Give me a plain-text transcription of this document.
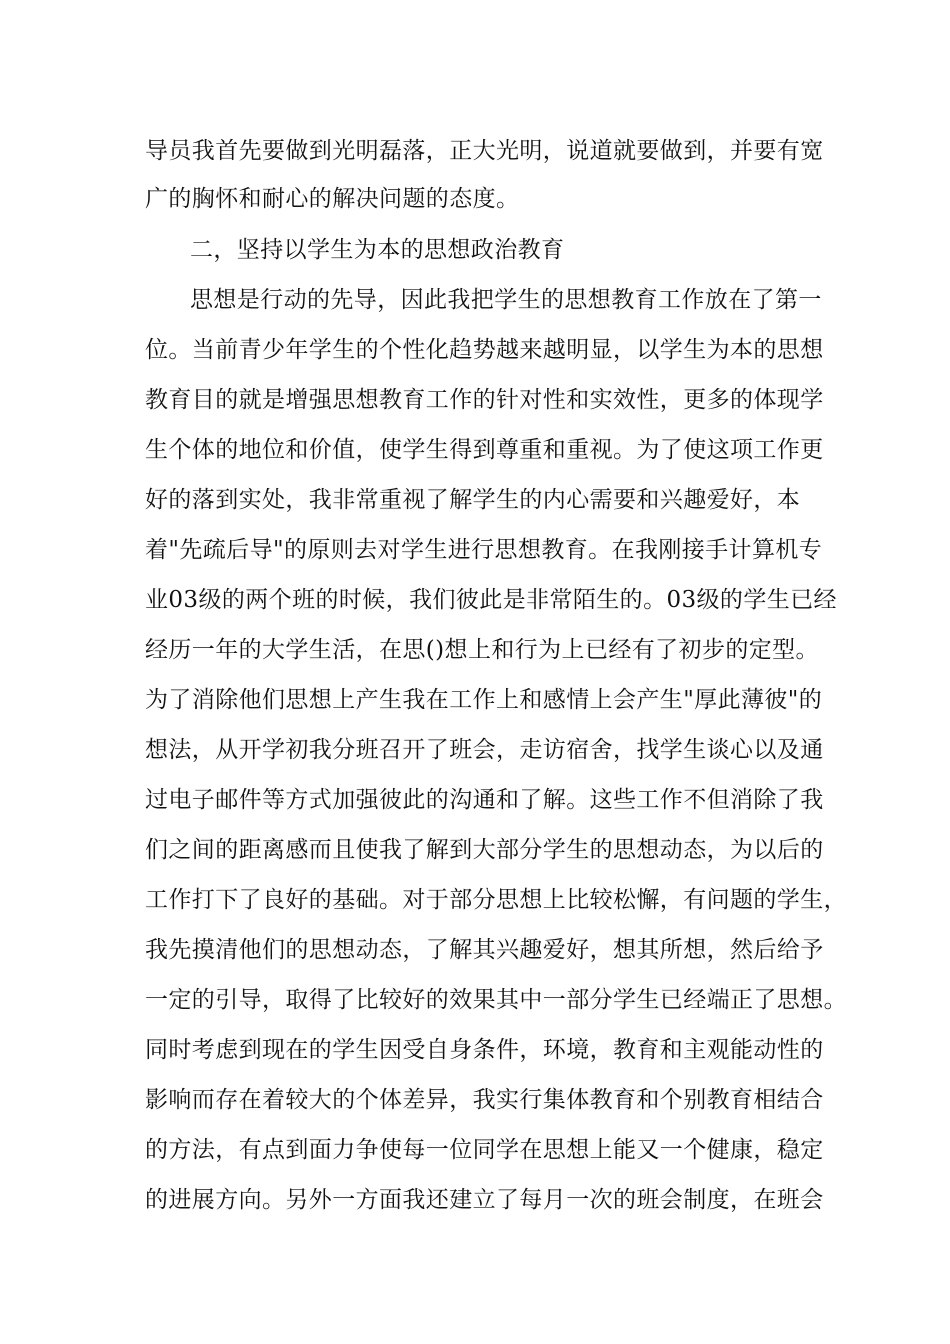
导员我首先要做到光明磊落，正大光明，说道就要做到，并要有宽
广的胸怀和耐心的解决问题的态度。
二，坚持以学生为本的思想政治教育
思想是行动的先导，因此我把学生的思想教育工作放在了第一
位。当前青少年学生的个性化趋势越来越明显，以学生为本的思想
教育目的就是增强思想教育工作的针对性和实效性，更多的体现学
生个体的地位和价值，使学生得到尊重和重视。为了使这项工作更
好的落到实处，我非常重视了解学生的内心需要和兴趣爱好，本
着"先疏后导"的原则去对学生进行思想教育。在我刚接手计算机专
业03级的两个班的时候，我们彼此是非常陌生的。03级的学生已经
经历一年的大学生活，在思()想上和行为上已经有了初步的定型。
为了消除他们思想上产生我在工作上和感情上会产生"厚此薄彼"的
想法，从开学初我分班召开了班会，走访宿舍，找学生谈心以及通
过电子邮件等方式加强彼此的沟通和了解。这些工作不但消除了我
们之间的距离感而且使我了解到大部分学生的思想动态，为以后的
工作打下了良好的基础。对于部分思想上比较松懈，有问题的学生，
我先摸清他们的思想动态，了解其兴趣爱好，想其所想，然后给予
一定的引导，取得了比较好的效果其中一部分学生已经端正了思想。
同时考虑到现在的学生因受自身条件，环境，教育和主观能动性的
影响而存在着较大的个体差异，我实行集体教育和个别教育相结合
的方法，有点到面力争使每一位同学在思想上能又一个健康，稳定
的进展方向。另外一方面我还建立了每月一次的班会制度，在班会
